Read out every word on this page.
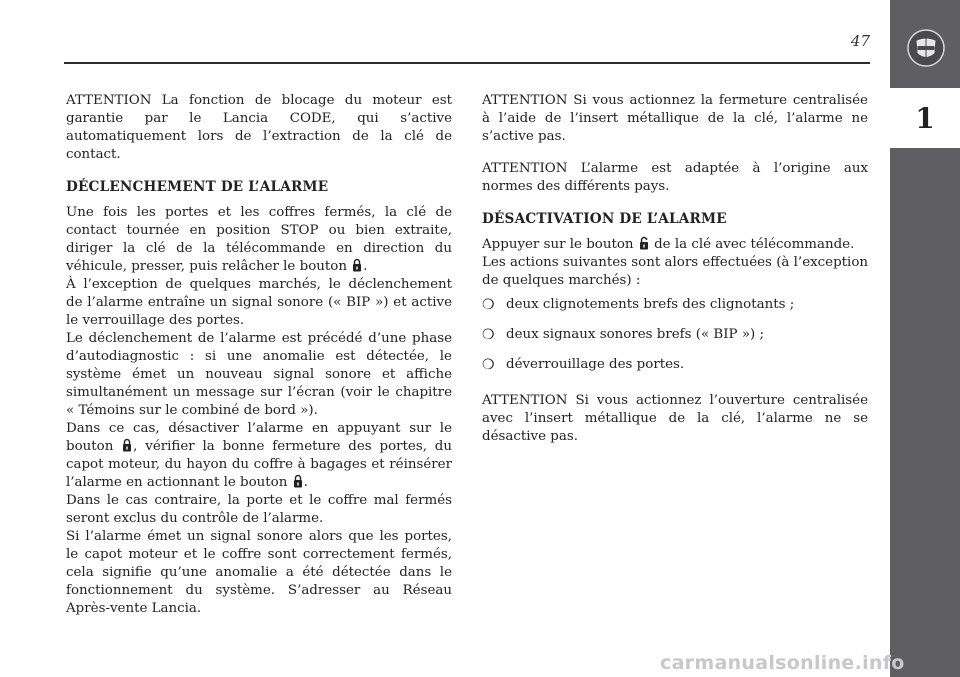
47
1

ATTENTION La fonction de blocage du moteur est garantie par le Lancia CODE, qui s’active automatiquement lors de l’extraction de la clé de contact.

DÉCLENCHEMENT DE L’ALARME

Une fois les portes et les coffres fermés, la clé de contact tournée en position STOP ou bien extraite, diriger la clé de la télécommande en direction du véhicule, presser, puis relâcher le bouton .

À l’exception de quelques marchés, le déclenchement de l’alarme entraîne un signal sonore (« BIP ») et active le verrouillage des portes.

Le déclenchement de l’alarme est précédé d’une phase d’autodiagnostic : si une anomalie est détectée, le système émet un nouveau signal sonore et affiche simultanément un message sur l’écran (voir le chapitre « Témoins sur le combiné de bord »).

Dans ce cas, désactiver l’alarme en appuyant sur le bouton , vérifier la bonne fermeture des portes, du capot moteur, du hayon du coffre à bagages et réinsérer l’alarme en actionnant le bouton .

Dans le cas contraire, la porte et le coffre mal fermés seront exclus du contrôle de l’alarme.

Si l’alarme émet un signal sonore alors que les portes, le capot moteur et le coffre sont correctement fermés, cela signifie qu’une anomalie a été détectée dans le fonctionnement du système. S’adresser au Réseau Après-vente Lancia.

ATTENTION Si vous actionnez la fermeture centralisée à l’aide de l’insert métallique de la clé, l’alarme ne s’active pas.

ATTENTION L’alarme est adaptée à l’origine aux normes des différents pays.

DÉSACTIVATION DE L’ALARME

Appuyer sur le bouton de la clé avec télécommande.

Les actions suivantes sont alors effectuées (à l’exception de quelques marchés) :

❍ deux clignotements brefs des clignotants ;
❍ deux signaux sonores brefs (« BIP ») ;
❍ déverrouillage des portes.

ATTENTION Si vous actionnez l’ouverture centralisée avec l’insert métallique de la clé, l’alarme ne se désactive pas.

carmanualsonline.info
